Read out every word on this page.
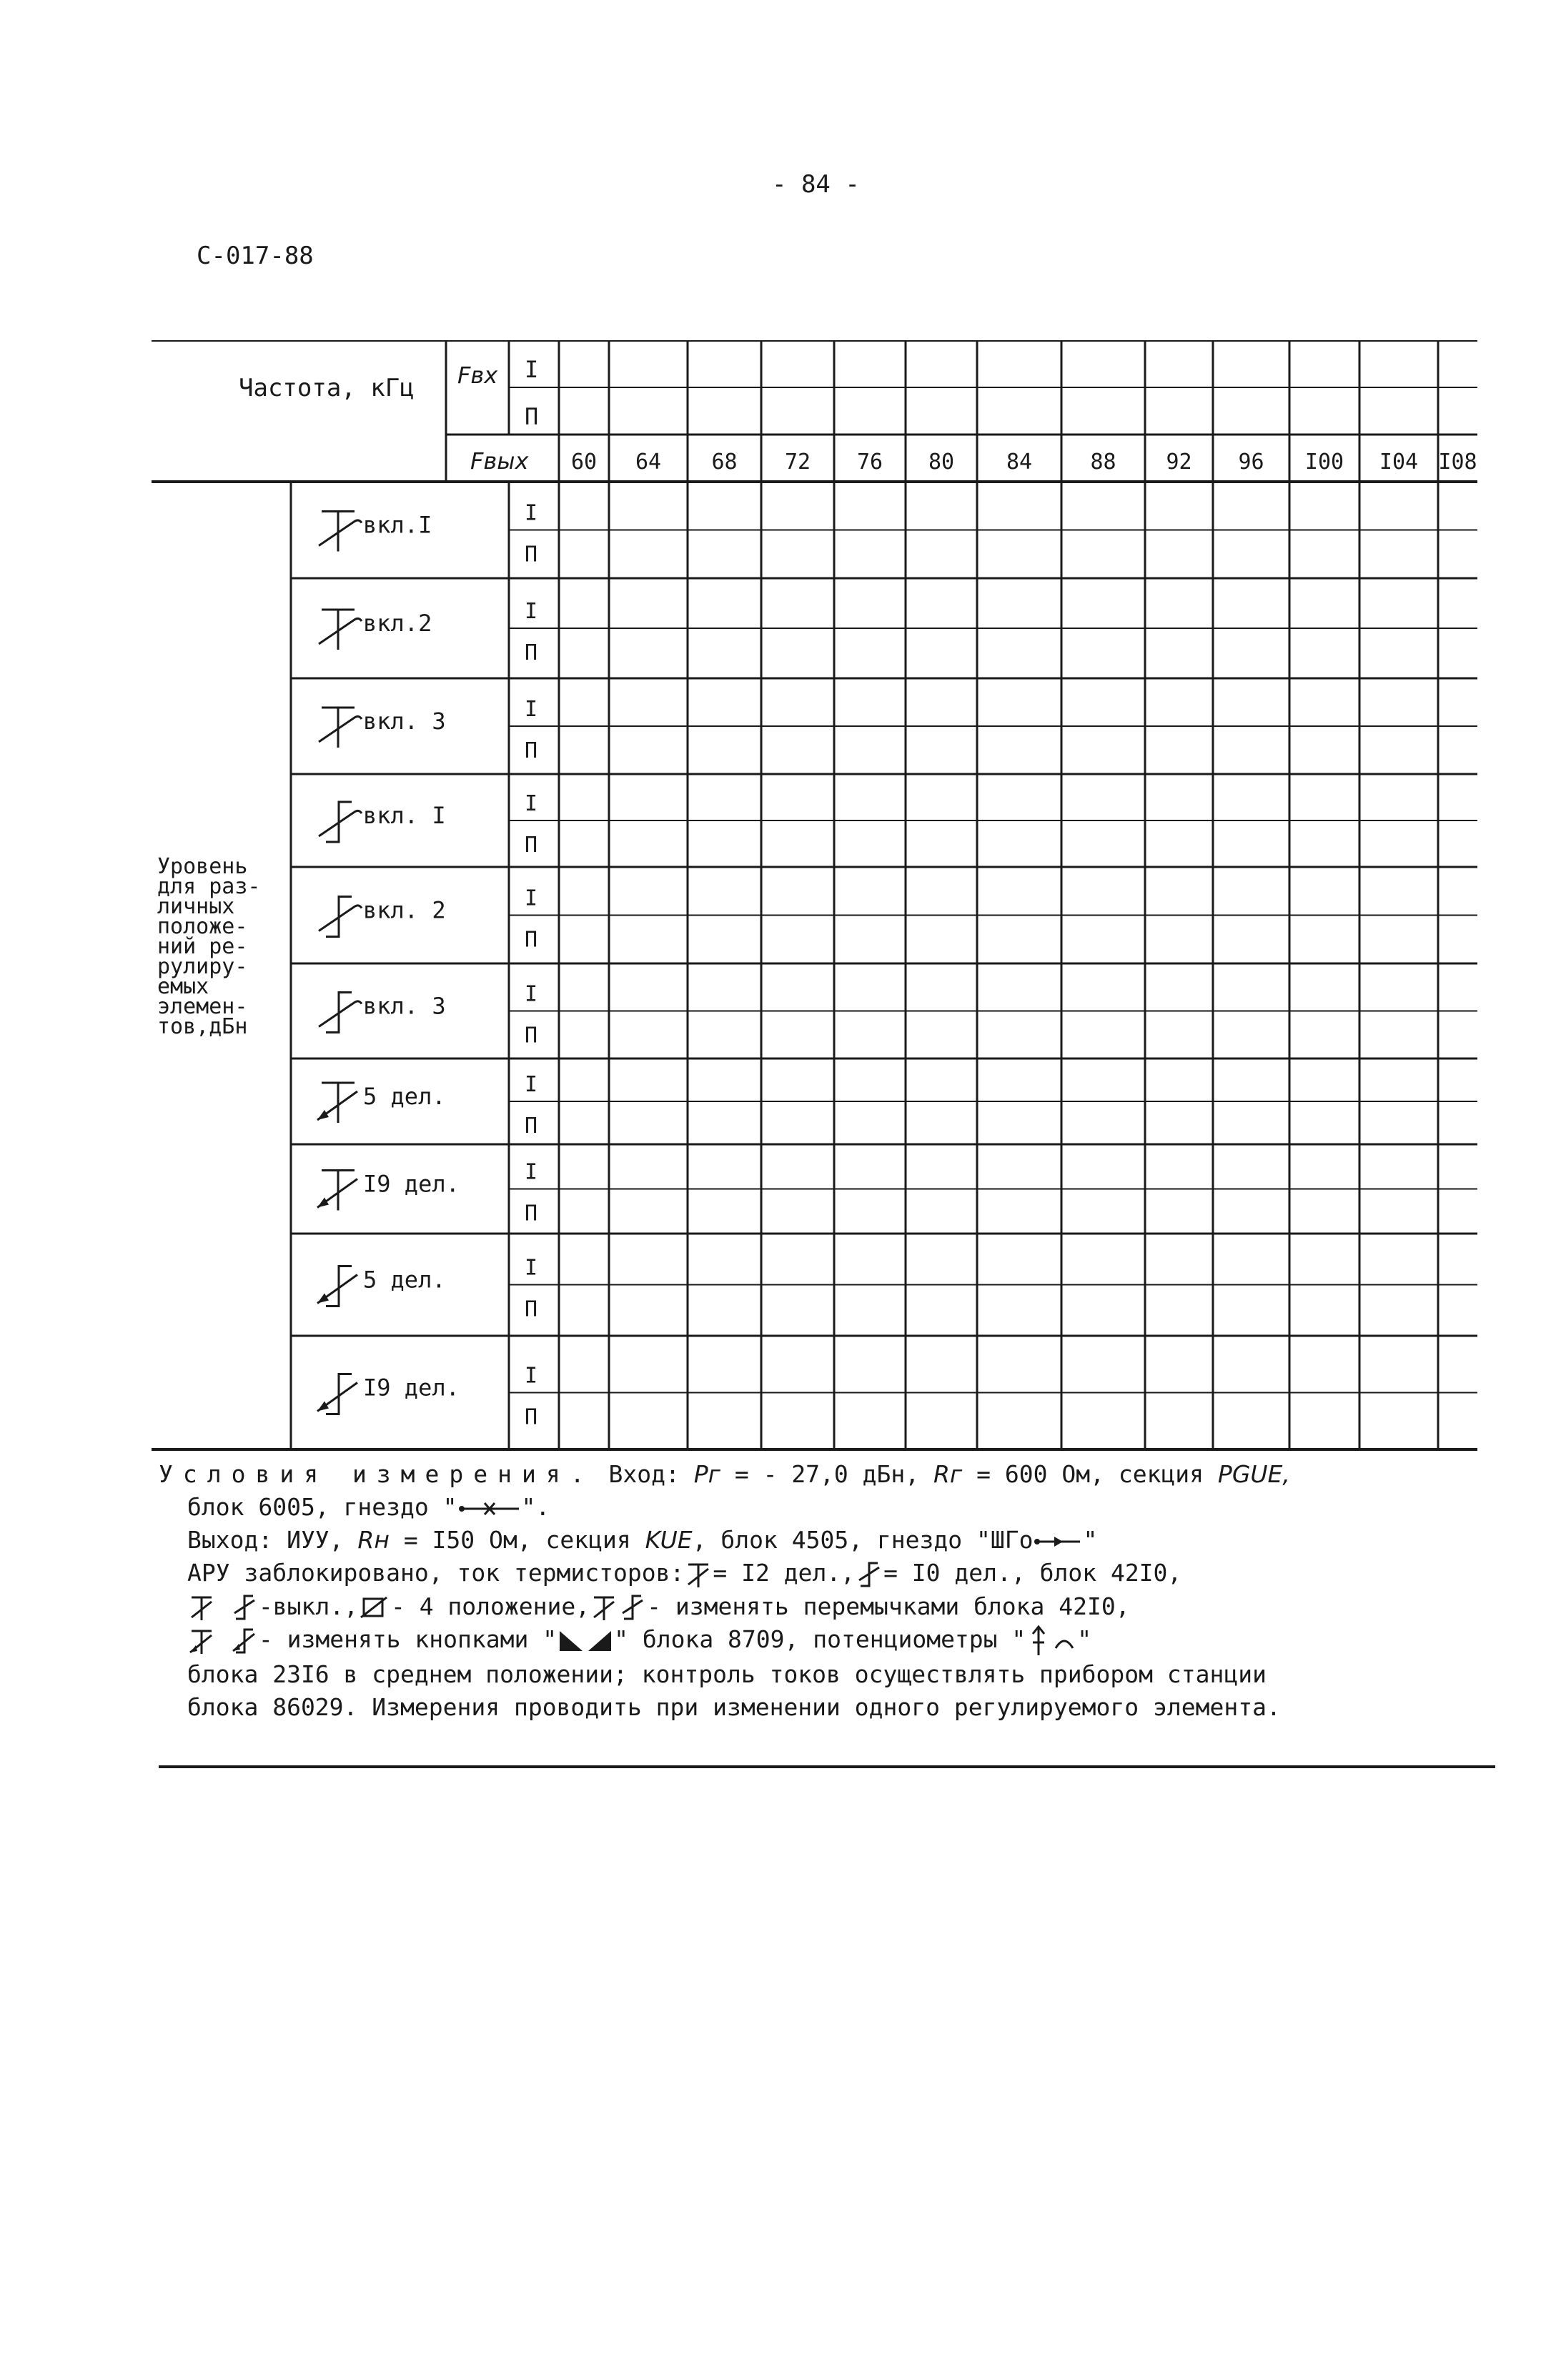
- 84 -
С-017-88
Частота, кГц Fвх I
П
Fвых 60 64 68 72 76 80 84	88 92 96 I00 I04 I08
Уровень
для раз-
личных
положе-
ний ре-
рулиру-
емых
элемен-
тов,дБн
I
П
вкл.I
I
П
вкл.2
I
П
вкл. 3
I
П
вкл. I
I
П
вкл. 2
I
П
вкл. 3
I
П
5 дел.
I
П
I9 дел.
I
П
5 дел.
I
П
I9 дел.
Условия измерения. Вход: Pг = - 27,0 дБн, Rг = 600 Ом, секция PGUE,
блок 6005, гнездо "	".
Выход: ИУУ, Rн = I50 Ом, секция KUE, блок 4505, гнездо "ШГо "
АРУ заблокировано, ток термисторов: = I2 дел., = I0 дел., блок 42I0,
-выкл., - 4 положение, - изменять перемычками блока 42I0,
- изменять кнопками " " блока 8709, потенциометры " "
блока 23I6 в среднем положении; контроль токов осуществлять прибором станции
блока 86029. Измерения проводить при изменении одного регулируемого элемента.
